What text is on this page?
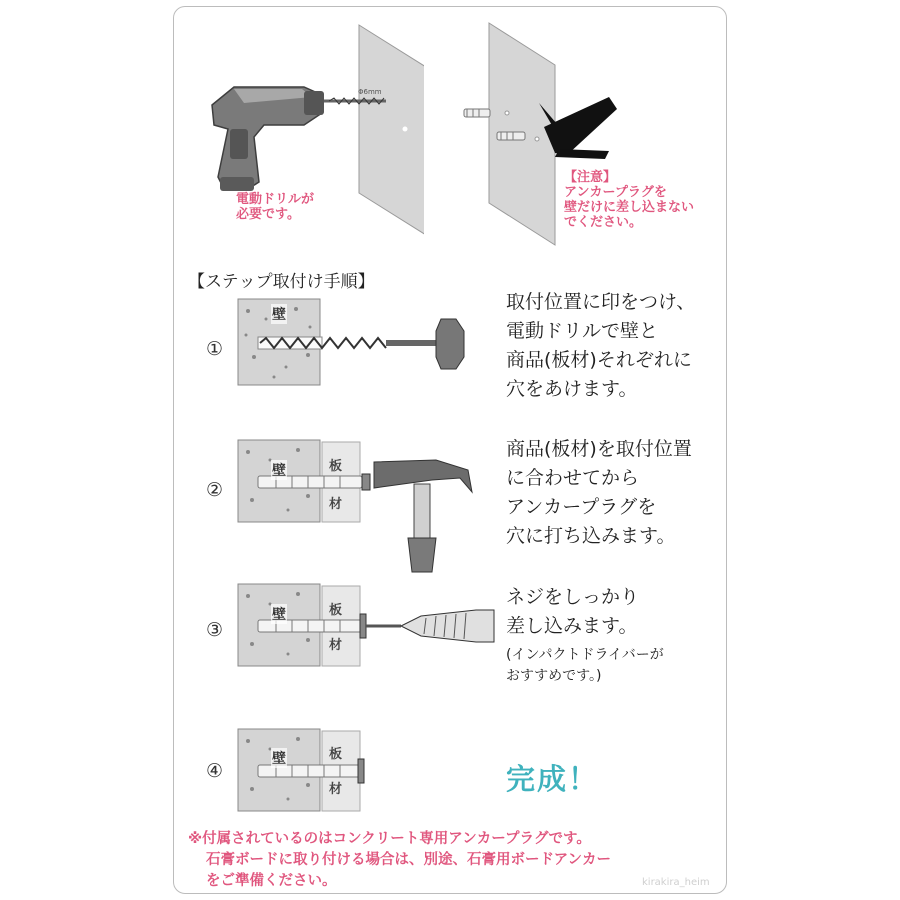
Φ6mm
電動ドリルが
必要です。
【注意】
アンカープラグを
壁だけに差し込まない
でください。
【ステップ取付け手順】
①
壁
取付位置に印をつけ、
電動ドリルで壁と
商品(板材)それぞれに
穴をあけます。
②
壁	板
材
商品(板材)を取付位置
に合わせてから
アンカープラグを
穴に打ち込みます。
③
壁	板
材
ネジをしっかり
差し込みます。
(インパクトドライバーが
おすすめです。)
④
壁	板
材	完成！
※付属されているのはコンクリート専用アンカープラグです。
石膏ボードに取り付ける場合は、別途、石膏用ボードアンカー
をご準備ください。	kirakira_heim
